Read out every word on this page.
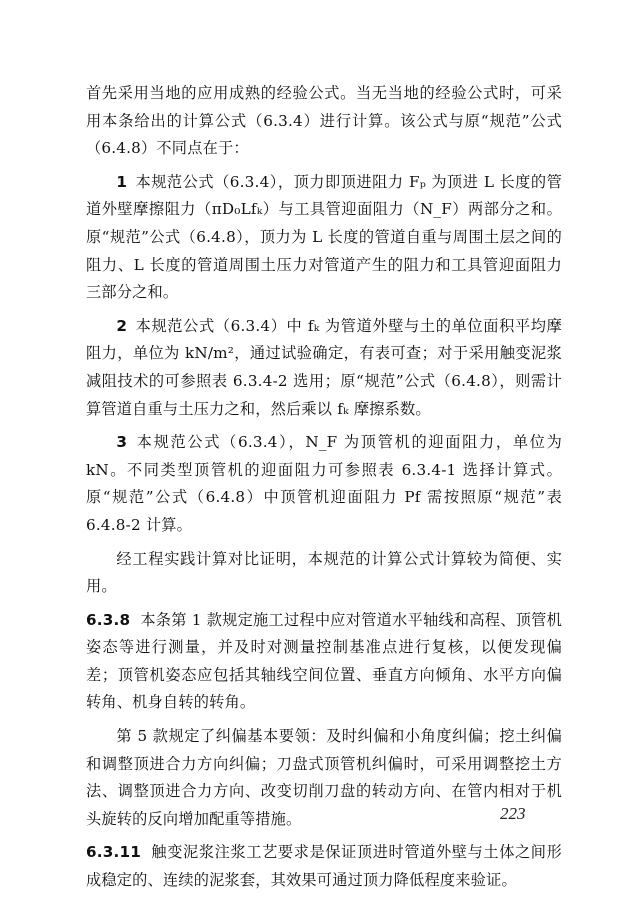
首先采用当地的应用成熟的经验公式。当无当地的经验公式时，可采用本条给出的计算公式（6.3.4）进行计算。该公式与原“规范”公式（6.4.8）不同点在于：

1 本规范公式（6.3.4），顶力即顶进阻力 Fₚ 为顶进 L 长度的管道外壁摩擦阻力（πD₀Lfₖ）与工具管迎面阻力（N_F）两部分之和。原“规范”公式（6.4.8），顶力为 L 长度的管道自重与周围土层之间的阻力、L 长度的管道周围土压力对管道产生的阻力和工具管迎面阻力三部分之和。

2 本规范公式（6.3.4）中 fₖ 为管道外壁与土的单位面积平均摩阻力，单位为 kN/m²，通过试验确定，有表可查；对于采用触变泥浆减阻技术的可参照表 6.3.4-2 选用；原“规范”公式（6.4.8），则需计算管道自重与土压力之和，然后乘以 fₖ 摩擦系数。

3 本规范公式（6.3.4），N_F 为顶管机的迎面阻力，单位为 kN。不同类型顶管机的迎面阻力可参照表 6.3.4-1 选择计算式。原“规范”公式（6.4.8）中顶管机迎面阻力 Pf 需按照原“规范”表 6.4.8-2 计算。

经工程实践计算对比证明，本规范的计算公式计算较为简便、实用。

6.3.8 本条第 1 款规定施工过程中应对管道水平轴线和高程、顶管机姿态等进行测量，并及时对测量控制基准点进行复核，以便发现偏差；顶管机姿态应包括其轴线空间位置、垂直方向倾角、水平方向偏转角、机身自转的转角。

第 5 款规定了纠偏基本要领：及时纠偏和小角度纠偏；挖土纠偏和调整顶进合力方向纠偏；刀盘式顶管机纠偏时，可采用调整挖土方法、调整顶进合力方向、改变切削刀盘的转动方向、在管内相对于机头旋转的反向增加配重等措施。

6.3.11 触变泥浆注浆工艺要求是保证顶进时管道外壁与土体之间形成稳定的、连续的泥浆套，其效果可通过顶力降低程度来验证。

223
